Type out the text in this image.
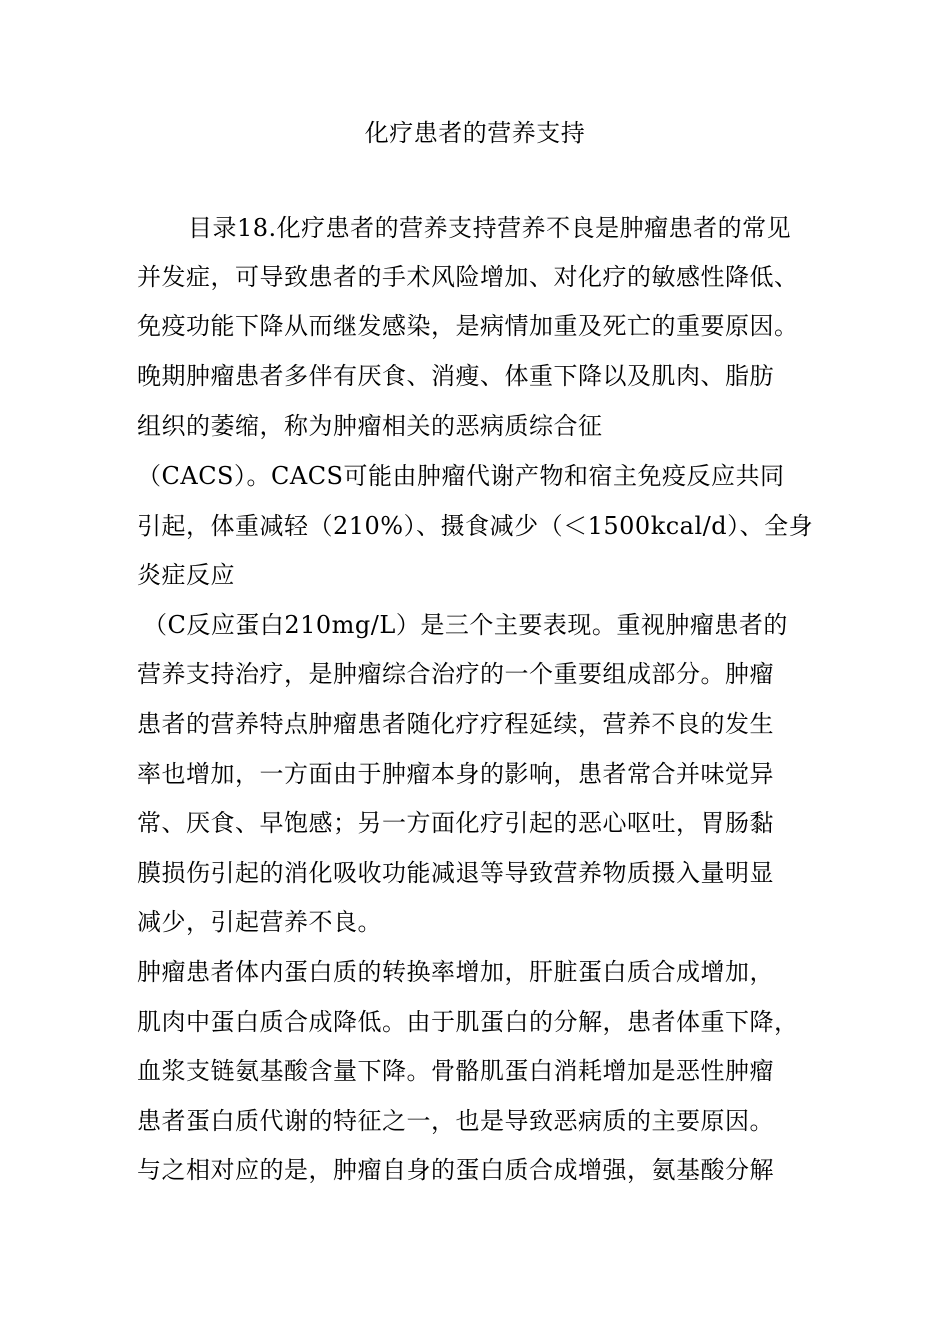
化疗患者的营养支持
目录18.化疗患者的营养支持营养不良是肿瘤患者的常见
并发症，可导致患者的手术风险增加、对化疗的敏感性降低、
免疫功能下降从而继发感染，是病情加重及死亡的重要原因。
晚期肿瘤患者多伴有厌食、消瘦、体重下降以及肌肉、脂肪
组织的萎缩，称为肿瘤相关的恶病质综合征
（CACS）。CACS可能由肿瘤代谢产物和宿主免疫反应共同
引起，体重减轻（210%）、摄食减少（＜1500kcal/d）、全身
炎症反应
（C反应蛋白210mg/L）是三个主要表现。重视肿瘤患者的
营养支持治疗，是肿瘤综合治疗的一个重要组成部分。肿瘤
患者的营养特点肿瘤患者随化疗疗程延续，营养不良的发生
率也增加，一方面由于肿瘤本身的影响，患者常合并味觉异
常、厌食、早饱感；另一方面化疗引起的恶心呕吐，胃肠黏
膜损伤引起的消化吸收功能减退等导致营养物质摄入量明显
减少，引起营养不良。
肿瘤患者体内蛋白质的转换率增加，肝脏蛋白质合成增加，
肌肉中蛋白质合成降低。由于肌蛋白的分解，患者体重下降，
血浆支链氨基酸含量下降。骨骼肌蛋白消耗增加是恶性肿瘤
患者蛋白质代谢的特征之一，也是导致恶病质的主要原因。
与之相对应的是，肿瘤自身的蛋白质合成增强，氨基酸分解
